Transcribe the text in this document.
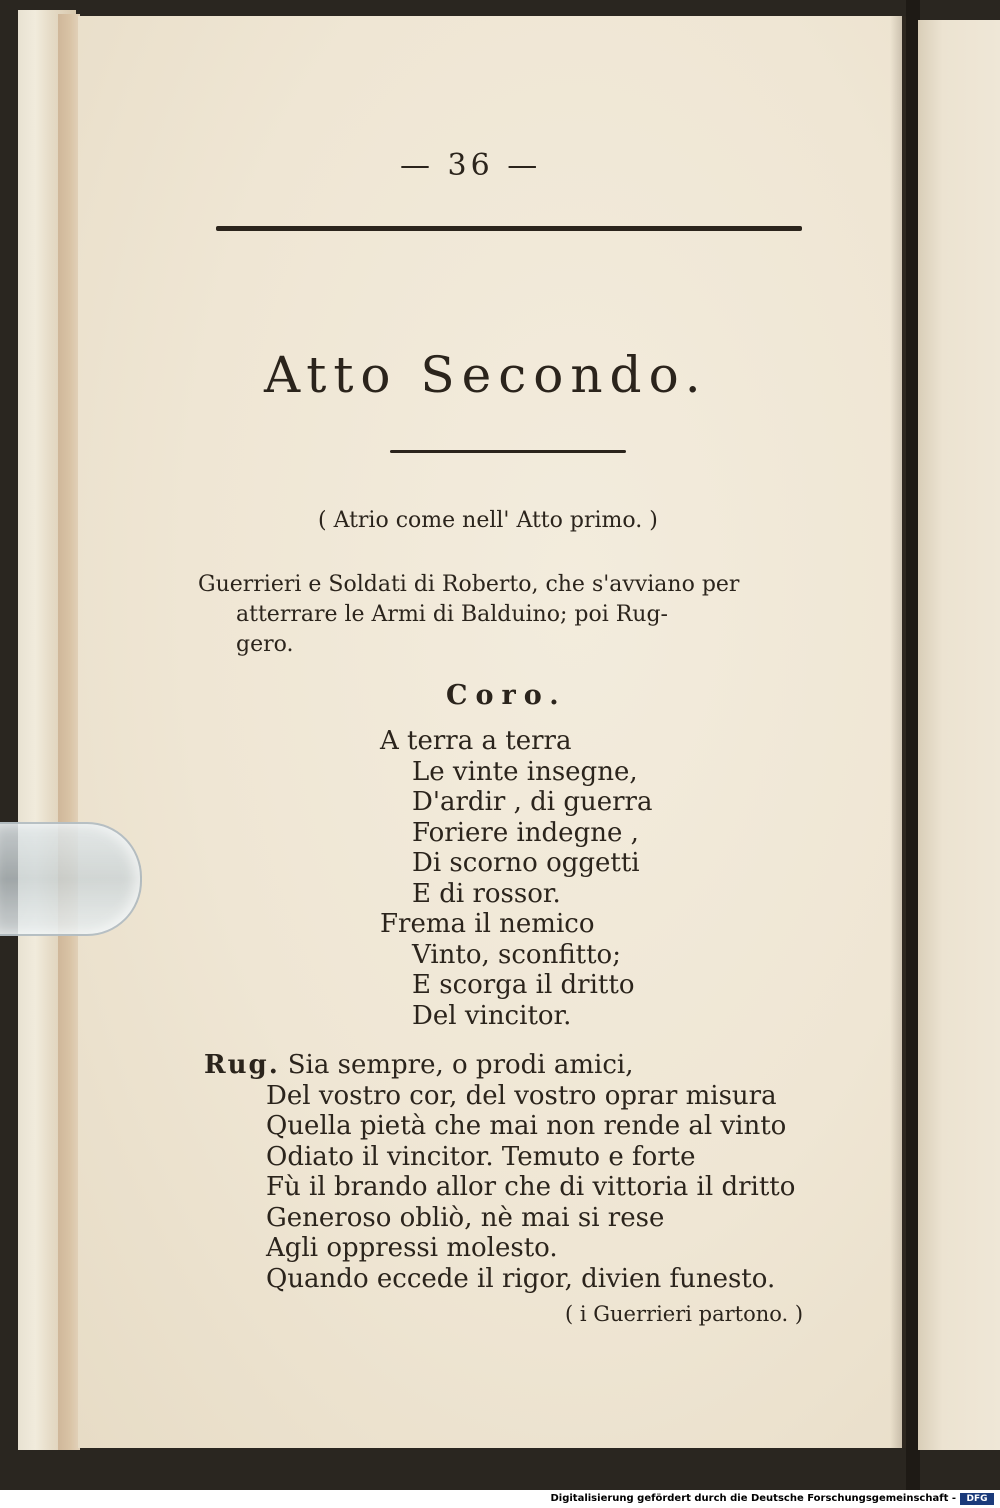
— 36 —
Atto Secondo.
( Atrio come nell' Atto primo. )
Guerrieri e Soldati di Roberto, che s'avviano per
atterrare le Armi di Balduino; poi Rug-
gero.
Coro.
A terra a terra
Le vinte insegne,
D'ardir , di guerra
Foriere indegne ,
Di scorno oggetti
E di rossor.
Frema il nemico
Vinto, sconfitto;
E scorga il dritto
Del vincitor.
Rug. Sia sempre, o prodi amici,
Del vostro cor, del vostro oprar misura
Quella pietà che mai non rende al vinto
Odiato il vincitor. Temuto e forte
Fù il brando allor che di vittoria il dritto
Generoso obliò, nè mai si rese
Agli oppressi molesto.
Quando eccede il rigor, divien funesto.
( i Guerrieri partono. )
Digitalisierung gefördert durch die Deutsche Forschungsgemeinschaft -	DFG
